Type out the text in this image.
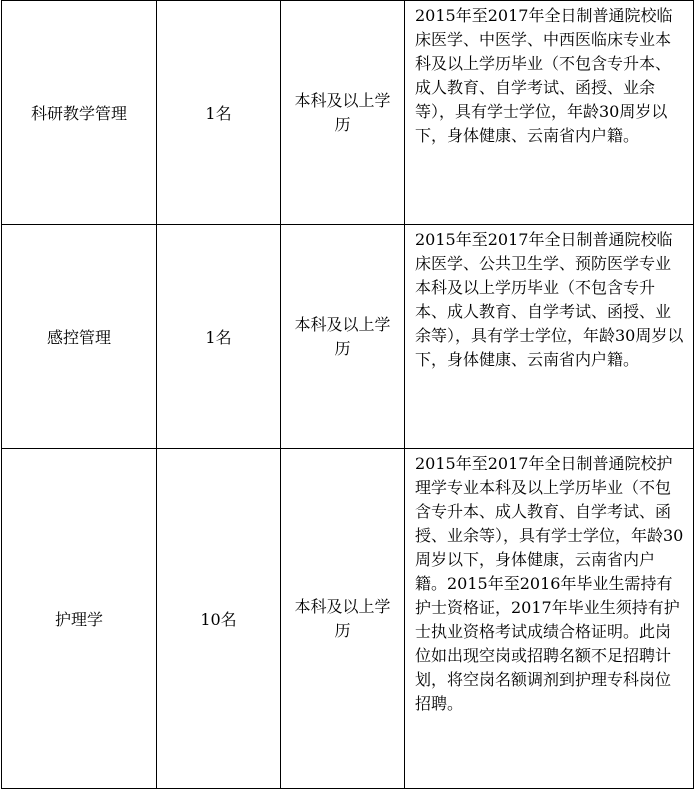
科研教学管理	1名	本科及以上学历	2015年至2017年全日制普通院校临床医学、中医学、中西医临床专业本科及以上学历毕业（不包含专升本、成人教育、自学考试、函授、业余等），具有学士学位，年龄30周岁以下，身体健康、云南省内户籍。
感控管理	1名	本科及以上学历	2015年至2017年全日制普通院校临床医学、公共卫生学、预防医学专业本科及以上学历毕业（不包含专升本、成人教育、自学考试、函授、业余等），具有学士学位，年龄30周岁以下，身体健康、云南省内户籍。
护理学	10名	本科及以上学历	2015年至2017年全日制普通院校护理学专业本科及以上学历毕业（不包含专升本、成人教育、自学考试、函授、业余等），具有学士学位，年龄30周岁以下，身体健康，云南省内户籍。2015年至2016年毕业生需持有护士资格证，2017年毕业生须持有护士执业资格考试成绩合格证明。此岗位如出现空岗或招聘名额不足招聘计划，将空岗名额调剂到护理专科岗位招聘。
